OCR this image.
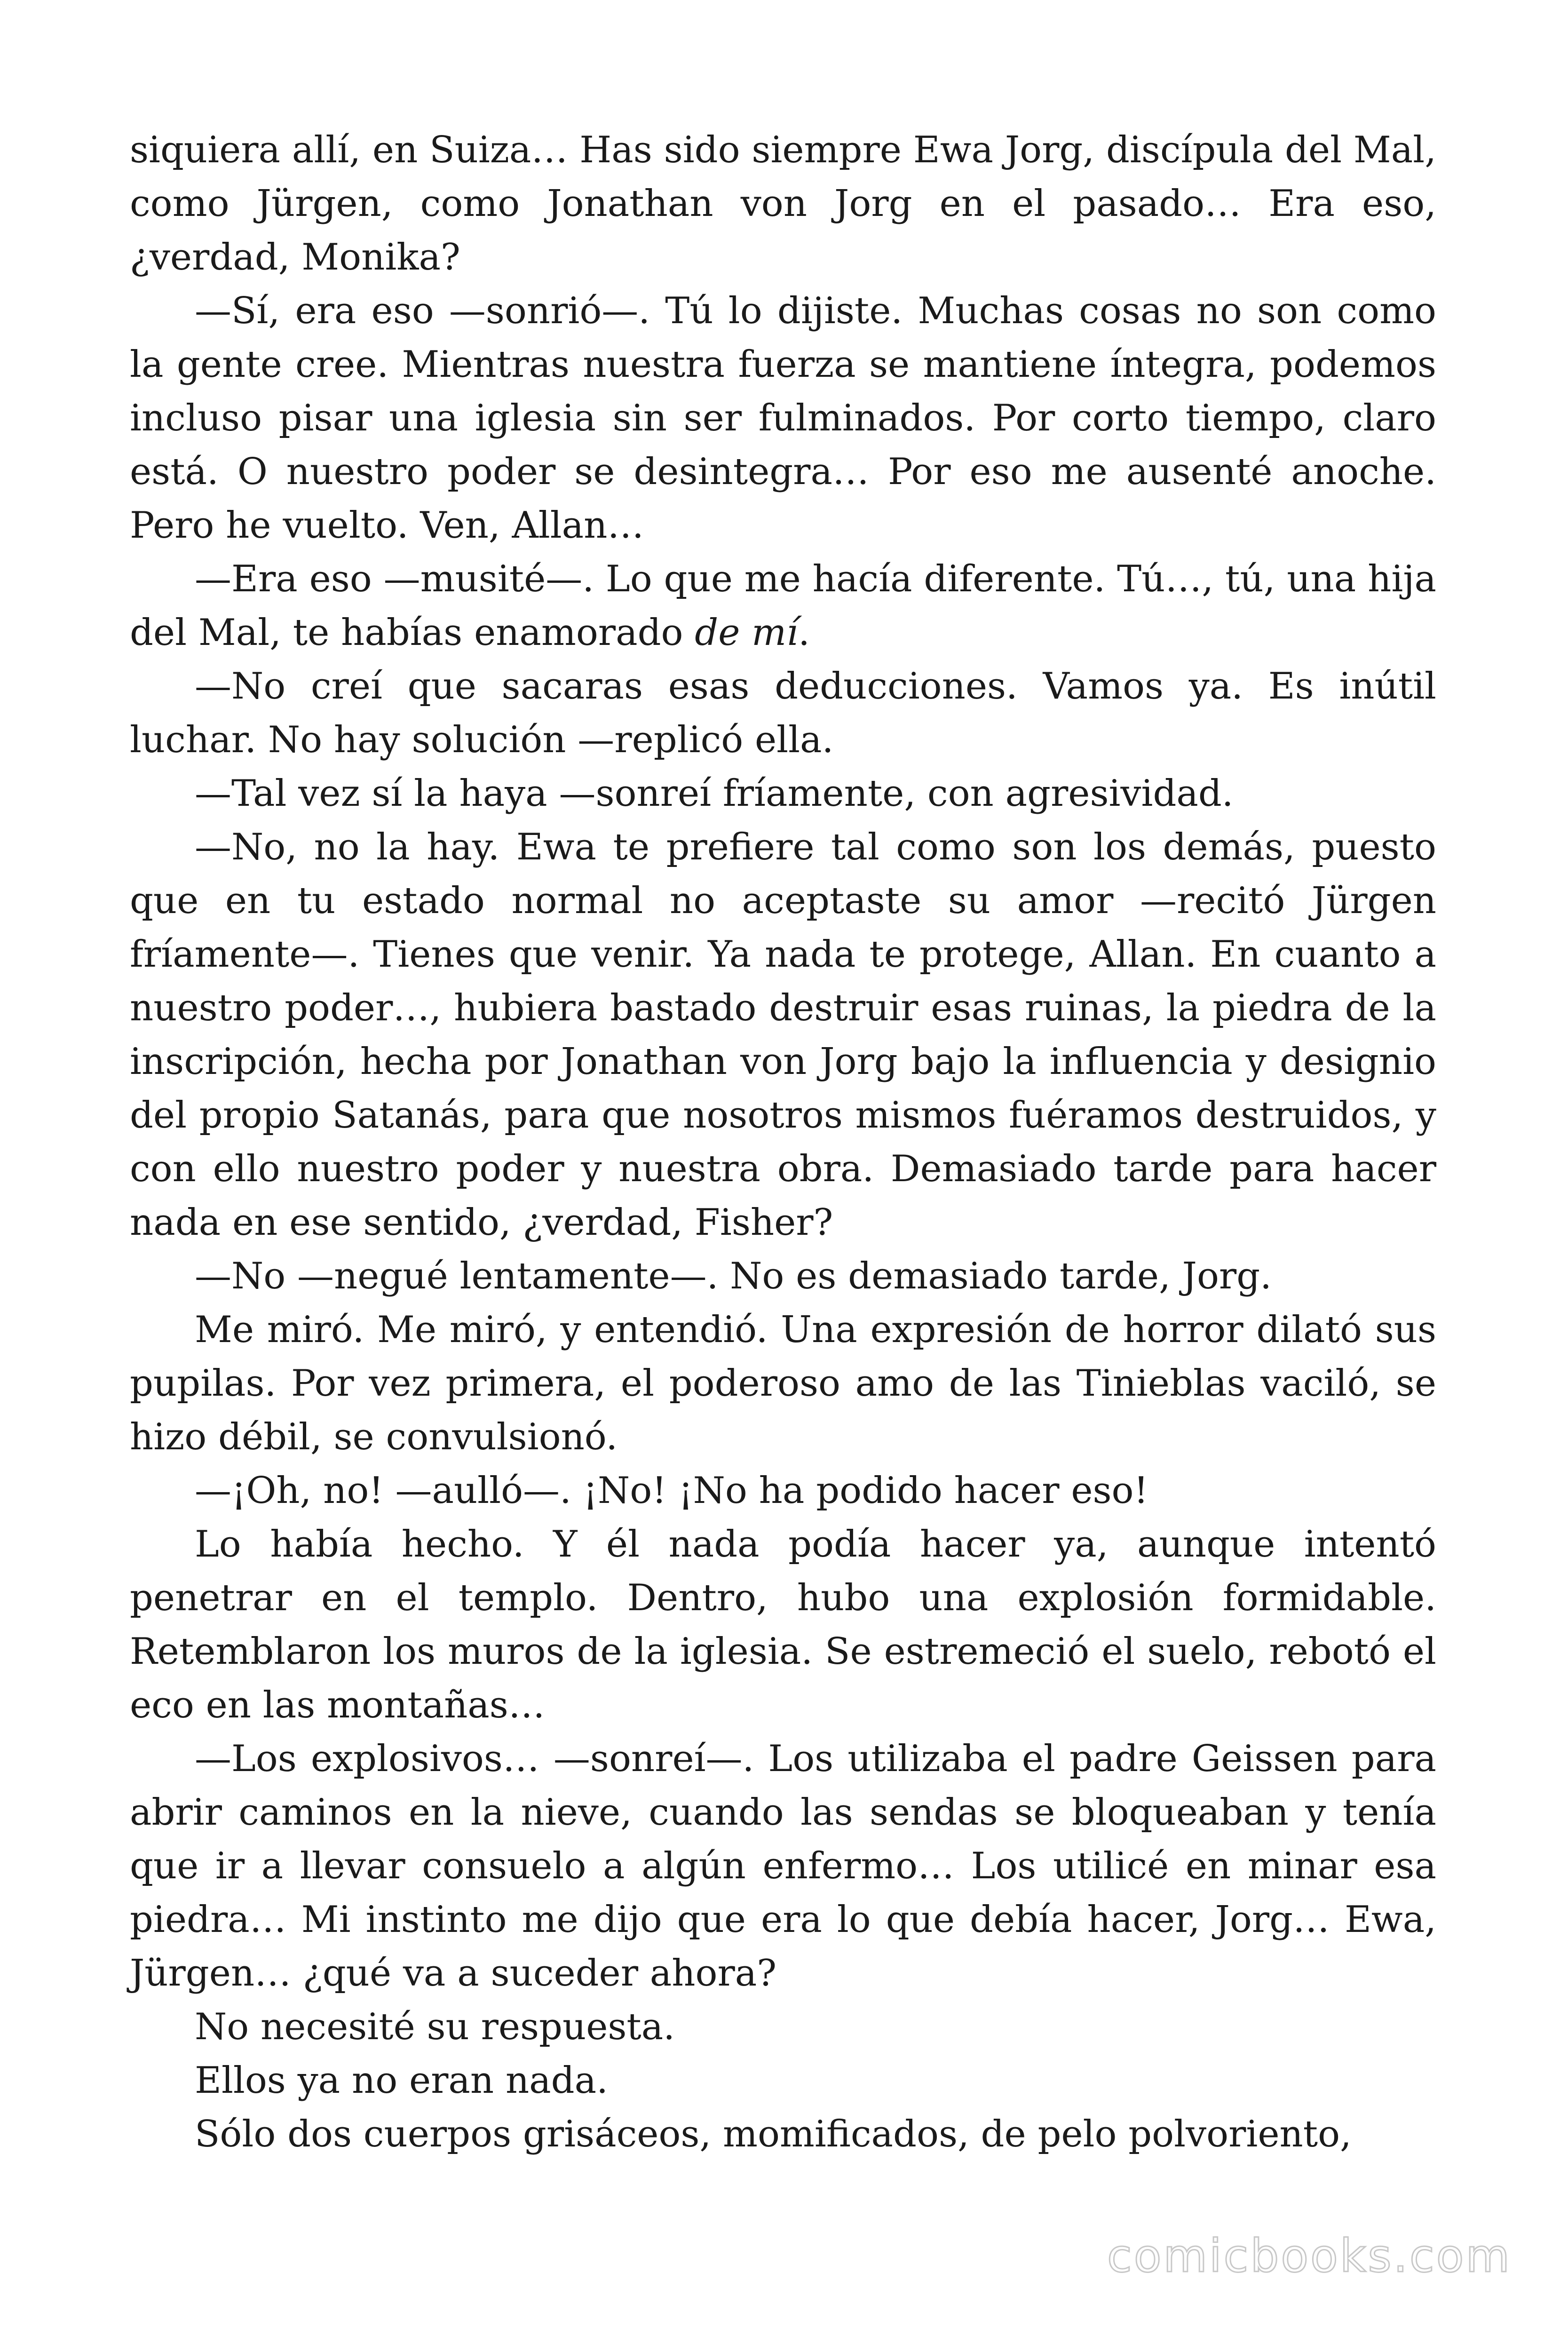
siquiera allí, en Suiza… Has sido siempre Ewa Jorg, discípula del Mal, como Jürgen, como Jonathan von Jorg en el pasado… Era eso, ¿verdad, Monika?

—Sí, era eso —sonrió—. Tú lo dijiste. Muchas cosas no son como la gente cree. Mientras nuestra fuerza se mantiene íntegra, podemos incluso pisar una iglesia sin ser fulminados. Por corto tiempo, claro está. O nuestro poder se desintegra… Por eso me ausenté anoche. Pero he vuelto. Ven, Allan…

—Era eso —musité—. Lo que me hacía diferente. Tú…, tú, una hija del Mal, te habías enamorado de mí.

—No creí que sacaras esas deducciones. Vamos ya. Es inútil luchar. No hay solución —replicó ella.

—Tal vez sí la haya —sonreí fríamente, con agresividad.

—No, no la hay. Ewa te prefiere tal como son los demás, puesto que en tu estado normal no aceptaste su amor —recitó Jürgen fríamente—. Tienes que venir. Ya nada te protege, Allan. En cuanto a nuestro poder…, hubiera bastado destruir esas ruinas, la piedra de la inscripción, hecha por Jonathan von Jorg bajo la influencia y designio del propio Satanás, para que nosotros mismos fuéramos destruidos, y con ello nuestro poder y nuestra obra. Demasiado tarde para hacer nada en ese sentido, ¿verdad, Fisher?

—No —negué lentamente—. No es demasiado tarde, Jorg.

Me miró. Me miró, y entendió. Una expresión de horror dilató sus pupilas. Por vez primera, el poderoso amo de las Tinieblas vaciló, se hizo débil, se convulsionó.

—¡Oh, no! —aulló—. ¡No! ¡No ha podido hacer eso!

Lo había hecho. Y él nada podía hacer ya, aunque intentó penetrar en el templo. Dentro, hubo una explosión formidable. Retemblaron los muros de la iglesia. Se estremeció el suelo, rebotó el eco en las montañas…

—Los explosivos… —sonreí—. Los utilizaba el padre Geissen para abrir caminos en la nieve, cuando las sendas se bloqueaban y tenía que ir a llevar consuelo a algún enfermo… Los utilicé en minar esa piedra… Mi instinto me dijo que era lo que debía hacer, Jorg… Ewa, Jürgen… ¿qué va a suceder ahora?

No necesité su respuesta.

Ellos ya no eran nada.

Sólo dos cuerpos grisáceos, momificados, de pelo polvoriento,

comicbooks.com
